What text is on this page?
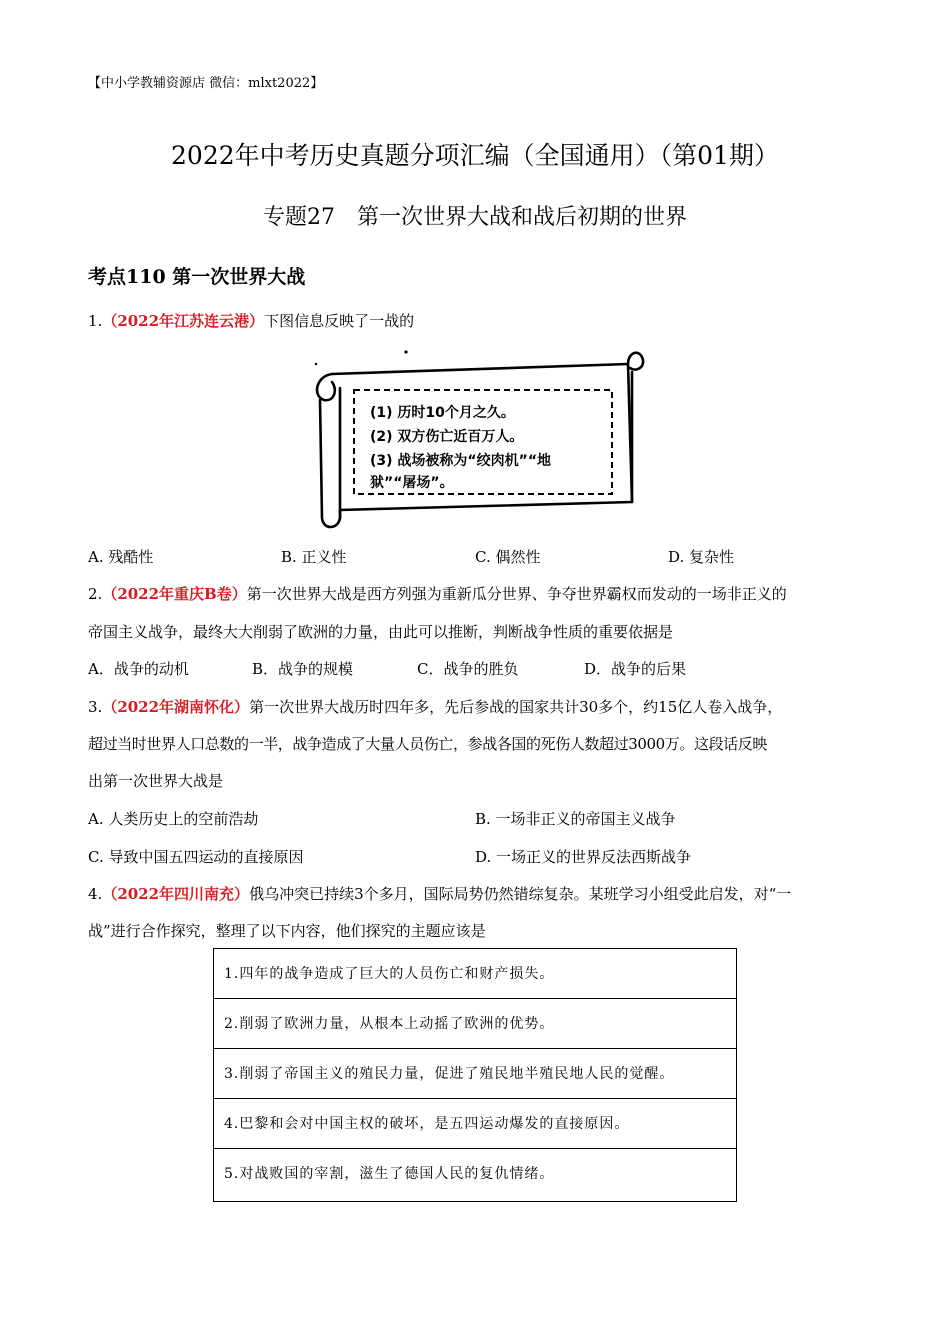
【中小学教辅资源店 微信：mlxt2022】
2022年中考历史真题分项汇编（全国通用）（第01期）
专题27　第一次世界大战和战后初期的世界
考点110 第一次世界大战
1.（2022年江苏连云港）下图信息反映了一战的
(1) 历时10个月之久。
(2) 双方伤亡近百万人。
(3) 战场被称为“绞肉机”“地
狱”“屠场”。
A. 残酷性	B. 正义性	C. 偶然性	D. 复杂性
2.（2022年重庆B卷）第一次世界大战是西方列强为重新瓜分世界、争夺世界霸权而发动的一场非正义的
帝国主义战争，最终大大削弱了欧洲的力量，由此可以推断，判断战争性质的重要依据是
A．战争的动机	B．战争的规模	C．战争的胜负	D．战争的后果
3.（2022年湖南怀化）第一次世界大战历时四年多，先后参战的国家共计30多个，约15亿人卷入战争，
超过当时世界人口总数的一半，战争造成了大量人员伤亡，参战各国的死伤人数超过3000万。这段话反映
出第一次世界大战是
A. 人类历史上的空前浩劫	B. 一场非正义的帝国主义战争
C. 导致中国五四运动的直接原因	D. 一场正义的世界反法西斯战争
4.（2022年四川南充）俄乌冲突已持续3个多月，国际局势仍然错综复杂。某班学习小组受此启发，对“一
战”进行合作探究，整理了以下内容，他们探究的主题应该是
1.四年的战争造成了巨大的人员伤亡和财产损失。
2.削弱了欧洲力量，从根本上动摇了欧洲的优势。
3.削弱了帝国主义的殖民力量，促进了殖民地半殖民地人民的觉醒。
4.巴黎和会对中国主权的破坏，是五四运动爆发的直接原因。
5.对战败国的宰割，滋生了德国人民的复仇情绪。
